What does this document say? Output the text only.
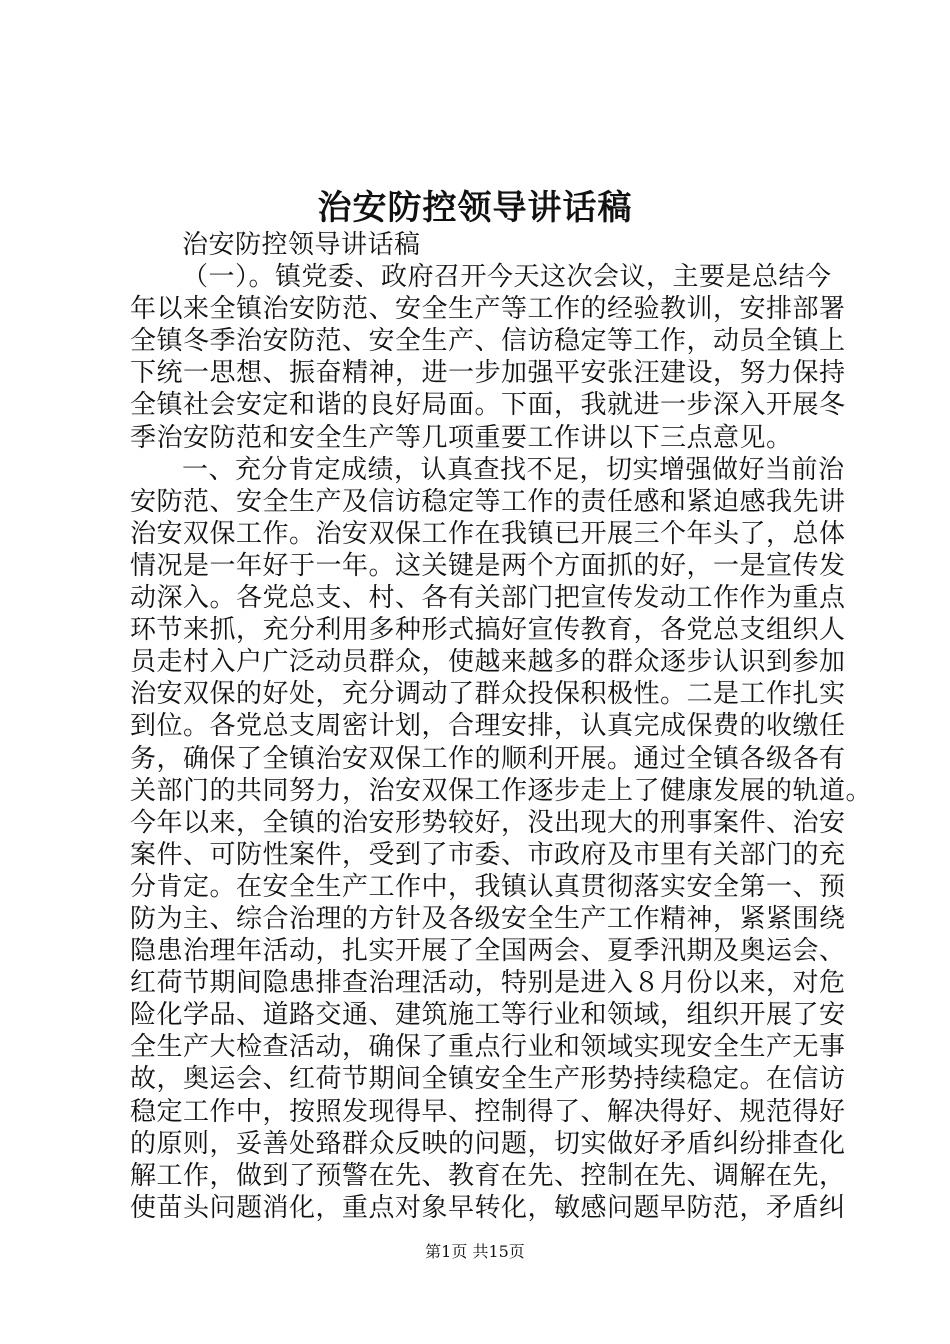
治安防控领导讲话稿
治安防控领导讲话稿
（一）。镇党委、政府召开今天这次会议，主要是总结今
年以来全镇治安防范、安全生产等工作的经验教训，安排部署
全镇冬季治安防范、安全生产、信访稳定等工作，动员全镇上
下统一思想、振奋精神，进一步加强平安张汪建设，努力保持
全镇社会安定和谐的良好局面。下面，我就进一步深入开展冬
季治安防范和安全生产等几项重要工作讲以下三点意见。
一、充分肯定成绩，认真查找不足，切实增强做好当前治
安防范、安全生产及信访稳定等工作的责任感和紧迫感我先讲
治安双保工作。治安双保工作在我镇已开展三个年头了，总体
情况是一年好于一年。这关键是两个方面抓的好，一是宣传发
动深入。各党总支、村、各有关部门把宣传发动工作作为重点
环节来抓，充分利用多种形式搞好宣传教育，各党总支组织人
员走村入户广泛动员群众，使越来越多的群众逐步认识到参加
治安双保的好处，充分调动了群众投保积极性。二是工作扎实
到位。各党总支周密计划，合理安排，认真完成保费的收缴任
务，确保了全镇治安双保工作的顺利开展。通过全镇各级各有
关部门的共同努力，治安双保工作逐步走上了健康发展的轨道。
今年以来，全镇的治安形势较好，没出现大的刑事案件、治安
案件、可防性案件，受到了市委、市政府及市里有关部门的充
分肯定。在安全生产工作中，我镇认真贯彻落实安全第一、预
防为主、综合治理的方针及各级安全生产工作精神，紧紧围绕
隐患治理年活动，扎实开展了全国两会、夏季汛期及奥运会、
红荷节期间隐患排查治理活动，特别是进入８月份以来，对危
险化学品、道路交通、建筑施工等行业和领域，组织开展了安
全生产大检查活动，确保了重点行业和领域实现安全生产无事
故，奥运会、红荷节期间全镇安全生产形势持续稳定。在信访
稳定工作中，按照发现得早、控制得了、解决得好、规范得好
的原则，妥善处臵群众反映的问题，切实做好矛盾纠纷排查化
解工作，做到了预警在先、教育在先、控制在先、调解在先，
使苗头问题消化，重点对象早转化，敏感问题早防范，矛盾纠
第1页 共15页
